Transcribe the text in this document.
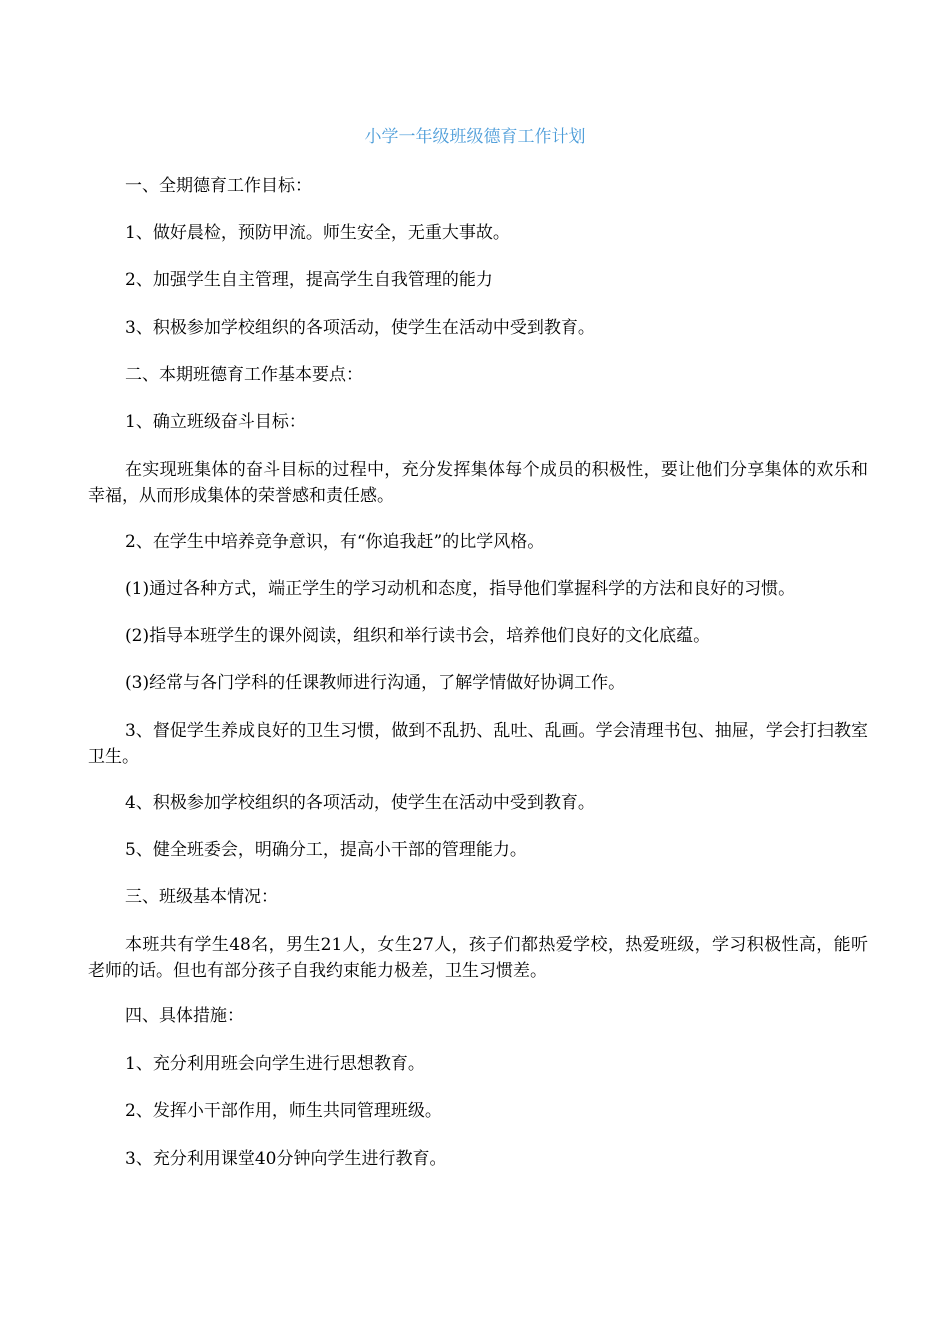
小学一年级班级德育工作计划
一、全期德育工作目标：
1、做好晨检，预防甲流。师生安全，无重大事故。
2、加强学生自主管理，提高学生自我管理的能力
3、积极参加学校组织的各项活动，使学生在活动中受到教育。
二、本期班德育工作基本要点：
1、确立班级奋斗目标：
在实现班集体的奋斗目标的过程中，充分发挥集体每个成员的积极性，要让他们分享集体的欢乐和幸福，从而形成集体的荣誉感和责任感。
2、在学生中培养竞争意识，有“你追我赶”的比学风格。
(1)通过各种方式，端正学生的学习动机和态度，指导他们掌握科学的方法和良好的习惯。
(2)指导本班学生的课外阅读，组织和举行读书会，培养他们良好的文化底蕴。
(3)经常与各门学科的任课教师进行沟通，了解学情做好协调工作。
3、督促学生养成良好的卫生习惯，做到不乱扔、乱吐、乱画。学会清理书包、抽屉，学会打扫教室卫生。
4、积极参加学校组织的各项活动，使学生在活动中受到教育。
5、健全班委会，明确分工，提高小干部的管理能力。
三、班级基本情况：
本班共有学生48名，男生21人，女生27人，孩子们都热爱学校，热爱班级，学习积极性高，能听老师的话。但也有部分孩子自我约束能力极差，卫生习惯差。
四、具体措施：
1、充分利用班会向学生进行思想教育。
2、发挥小干部作用，师生共同管理班级。
3、充分利用课堂40分钟向学生进行教育。
